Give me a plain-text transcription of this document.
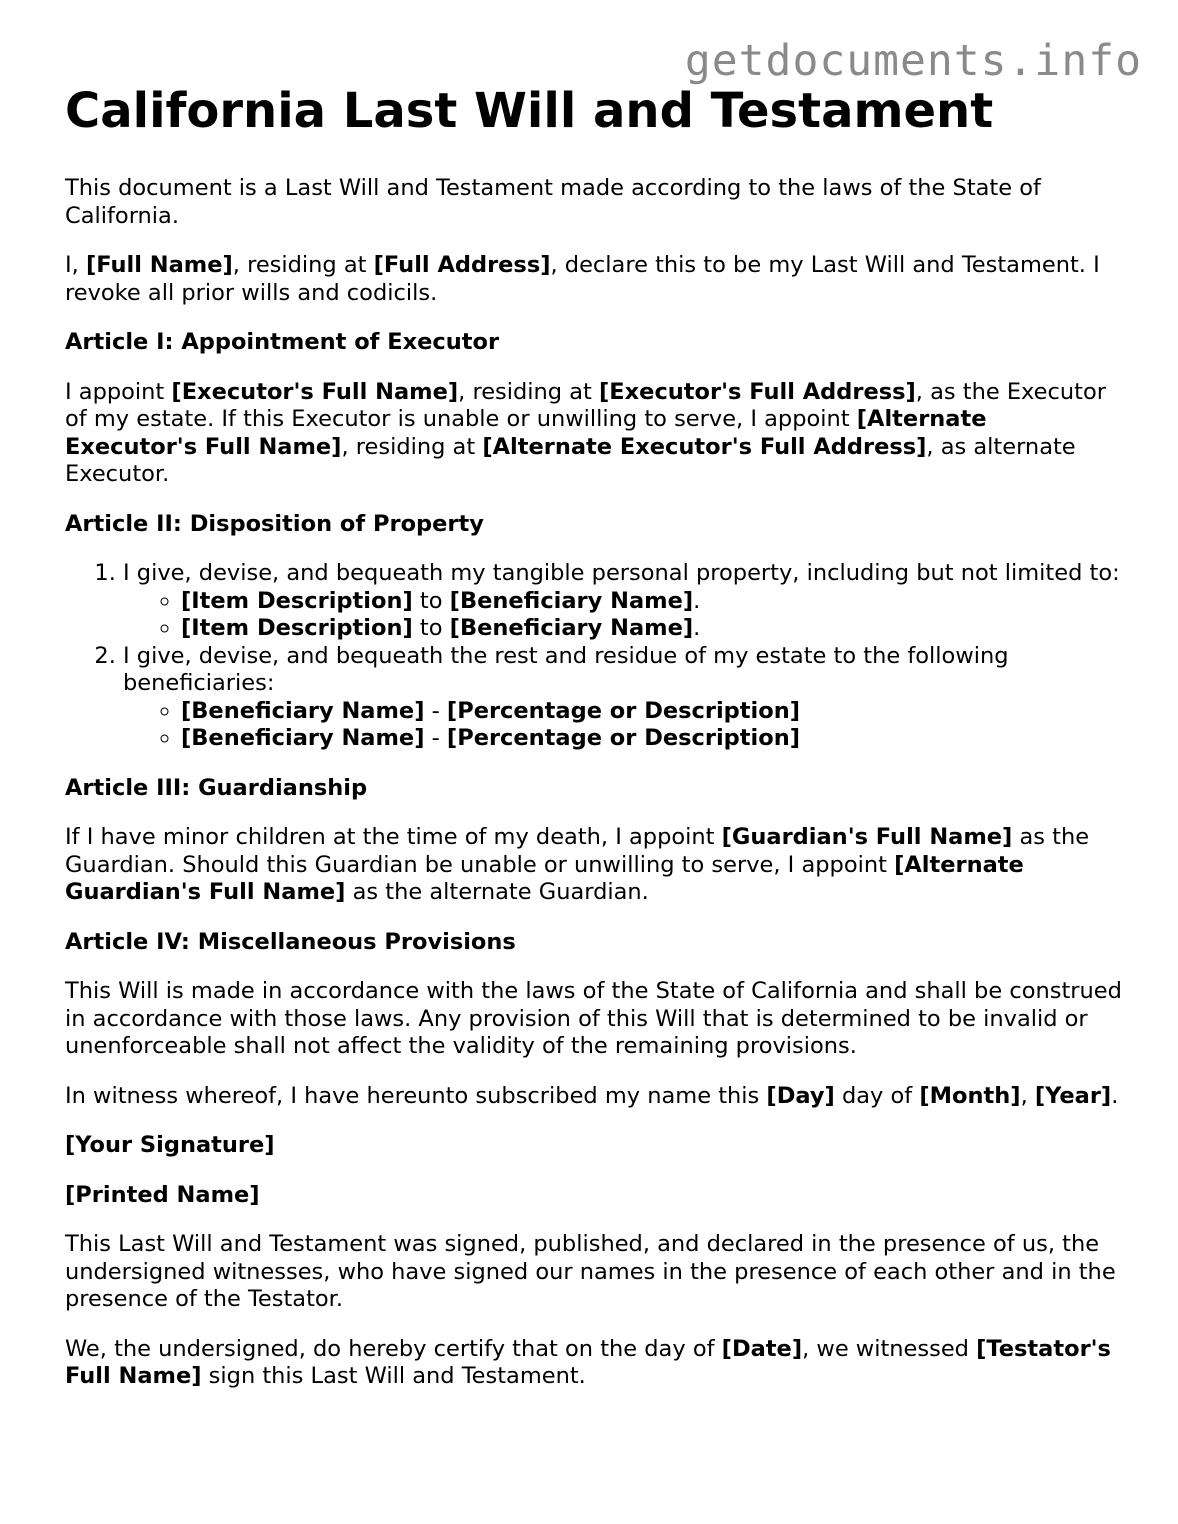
getdocuments.info
California Last Will and Testament

This document is a Last Will and Testament made according to the laws of the State of California.

I, [Full Name], residing at [Full Address], declare this to be my Last Will and Testament. I revoke all prior wills and codicils.

Article I: Appointment of Executor

I appoint [Executor's Full Name], residing at [Executor's Full Address], as the Executor of my estate. If this Executor is unable or unwilling to serve, I appoint [Alternate Executor's Full Name], residing at [Alternate Executor's Full Address], as alternate Executor.

Article II: Disposition of Property

1. I give, devise, and bequeath my tangible personal property, including but not limited to:
◦ [Item Description] to [Beneficiary Name].
◦ [Item Description] to [Beneficiary Name].
2. I give, devise, and bequeath the rest and residue of my estate to the following beneficiaries:
◦ [Beneficiary Name] - [Percentage or Description]
◦ [Beneficiary Name] - [Percentage or Description]

Article III: Guardianship

If I have minor children at the time of my death, I appoint [Guardian's Full Name] as the Guardian. Should this Guardian be unable or unwilling to serve, I appoint [Alternate Guardian's Full Name] as the alternate Guardian.

Article IV: Miscellaneous Provisions

This Will is made in accordance with the laws of the State of California and shall be construed in accordance with those laws. Any provision of this Will that is determined to be invalid or unenforceable shall not affect the validity of the remaining provisions.

In witness whereof, I have hereunto subscribed my name this [Day] day of [Month], [Year].

[Your Signature]

[Printed Name]

This Last Will and Testament was signed, published, and declared in the presence of us, the undersigned witnesses, who have signed our names in the presence of each other and in the presence of the Testator.

We, the undersigned, do hereby certify that on the day of [Date], we witnessed [Testator's Full Name] sign this Last Will and Testament.
